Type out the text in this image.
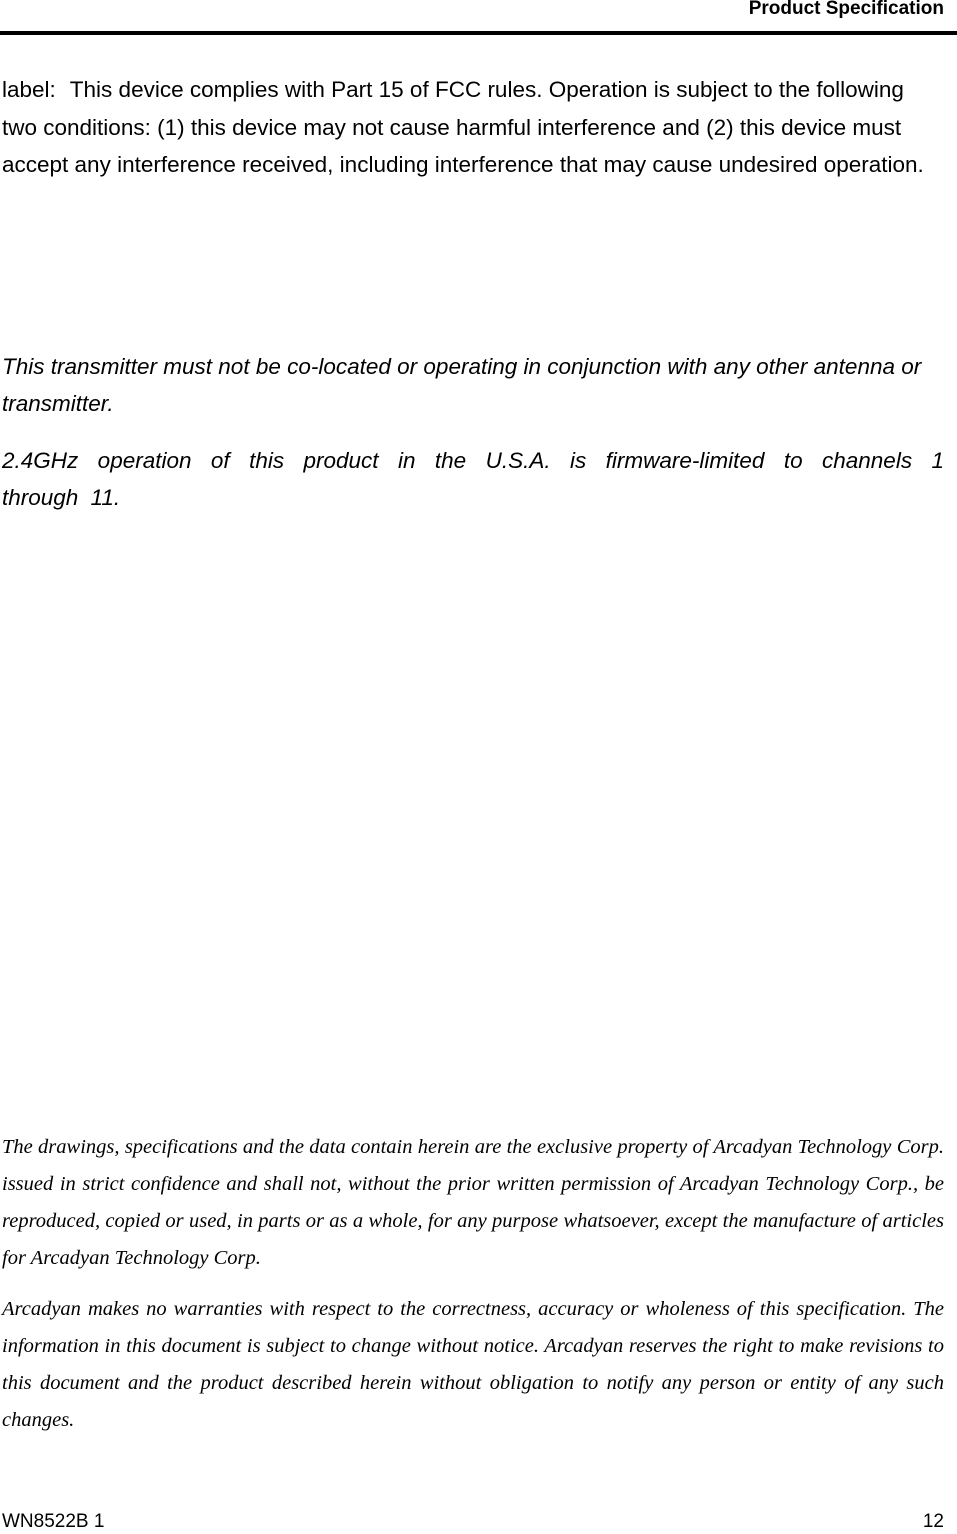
Product Specification
label: This device complies with Part 15 of FCC rules. Operation is subject to the following two conditions: (1) this device may not cause harmful interference and (2) this device must accept any interference received, including interference that may cause undesired operation.
This transmitter must not be co-located or operating in conjunction with any other antenna or transmitter.
2.4GHz operation of this product in the U.S.A. is firmware-limited to channels 1 through 11.
The drawings, specifications and the data contain herein are the exclusive property of Arcadyan Technology Corp. issued in strict confidence and shall not, without the prior written permission of Arcadyan Technology Corp., be reproduced, copied or used, in parts or as a whole, for any purpose whatsoever, except the manufacture of articles for Arcadyan Technology Corp.
Arcadyan makes no warranties with respect to the correctness, accuracy or wholeness of this specification. The information in this document is subject to change without notice. Arcadyan reserves the right to make revisions to this document and the product described herein without obligation to notify any person or entity of any such changes.
WN8522B 1	12
